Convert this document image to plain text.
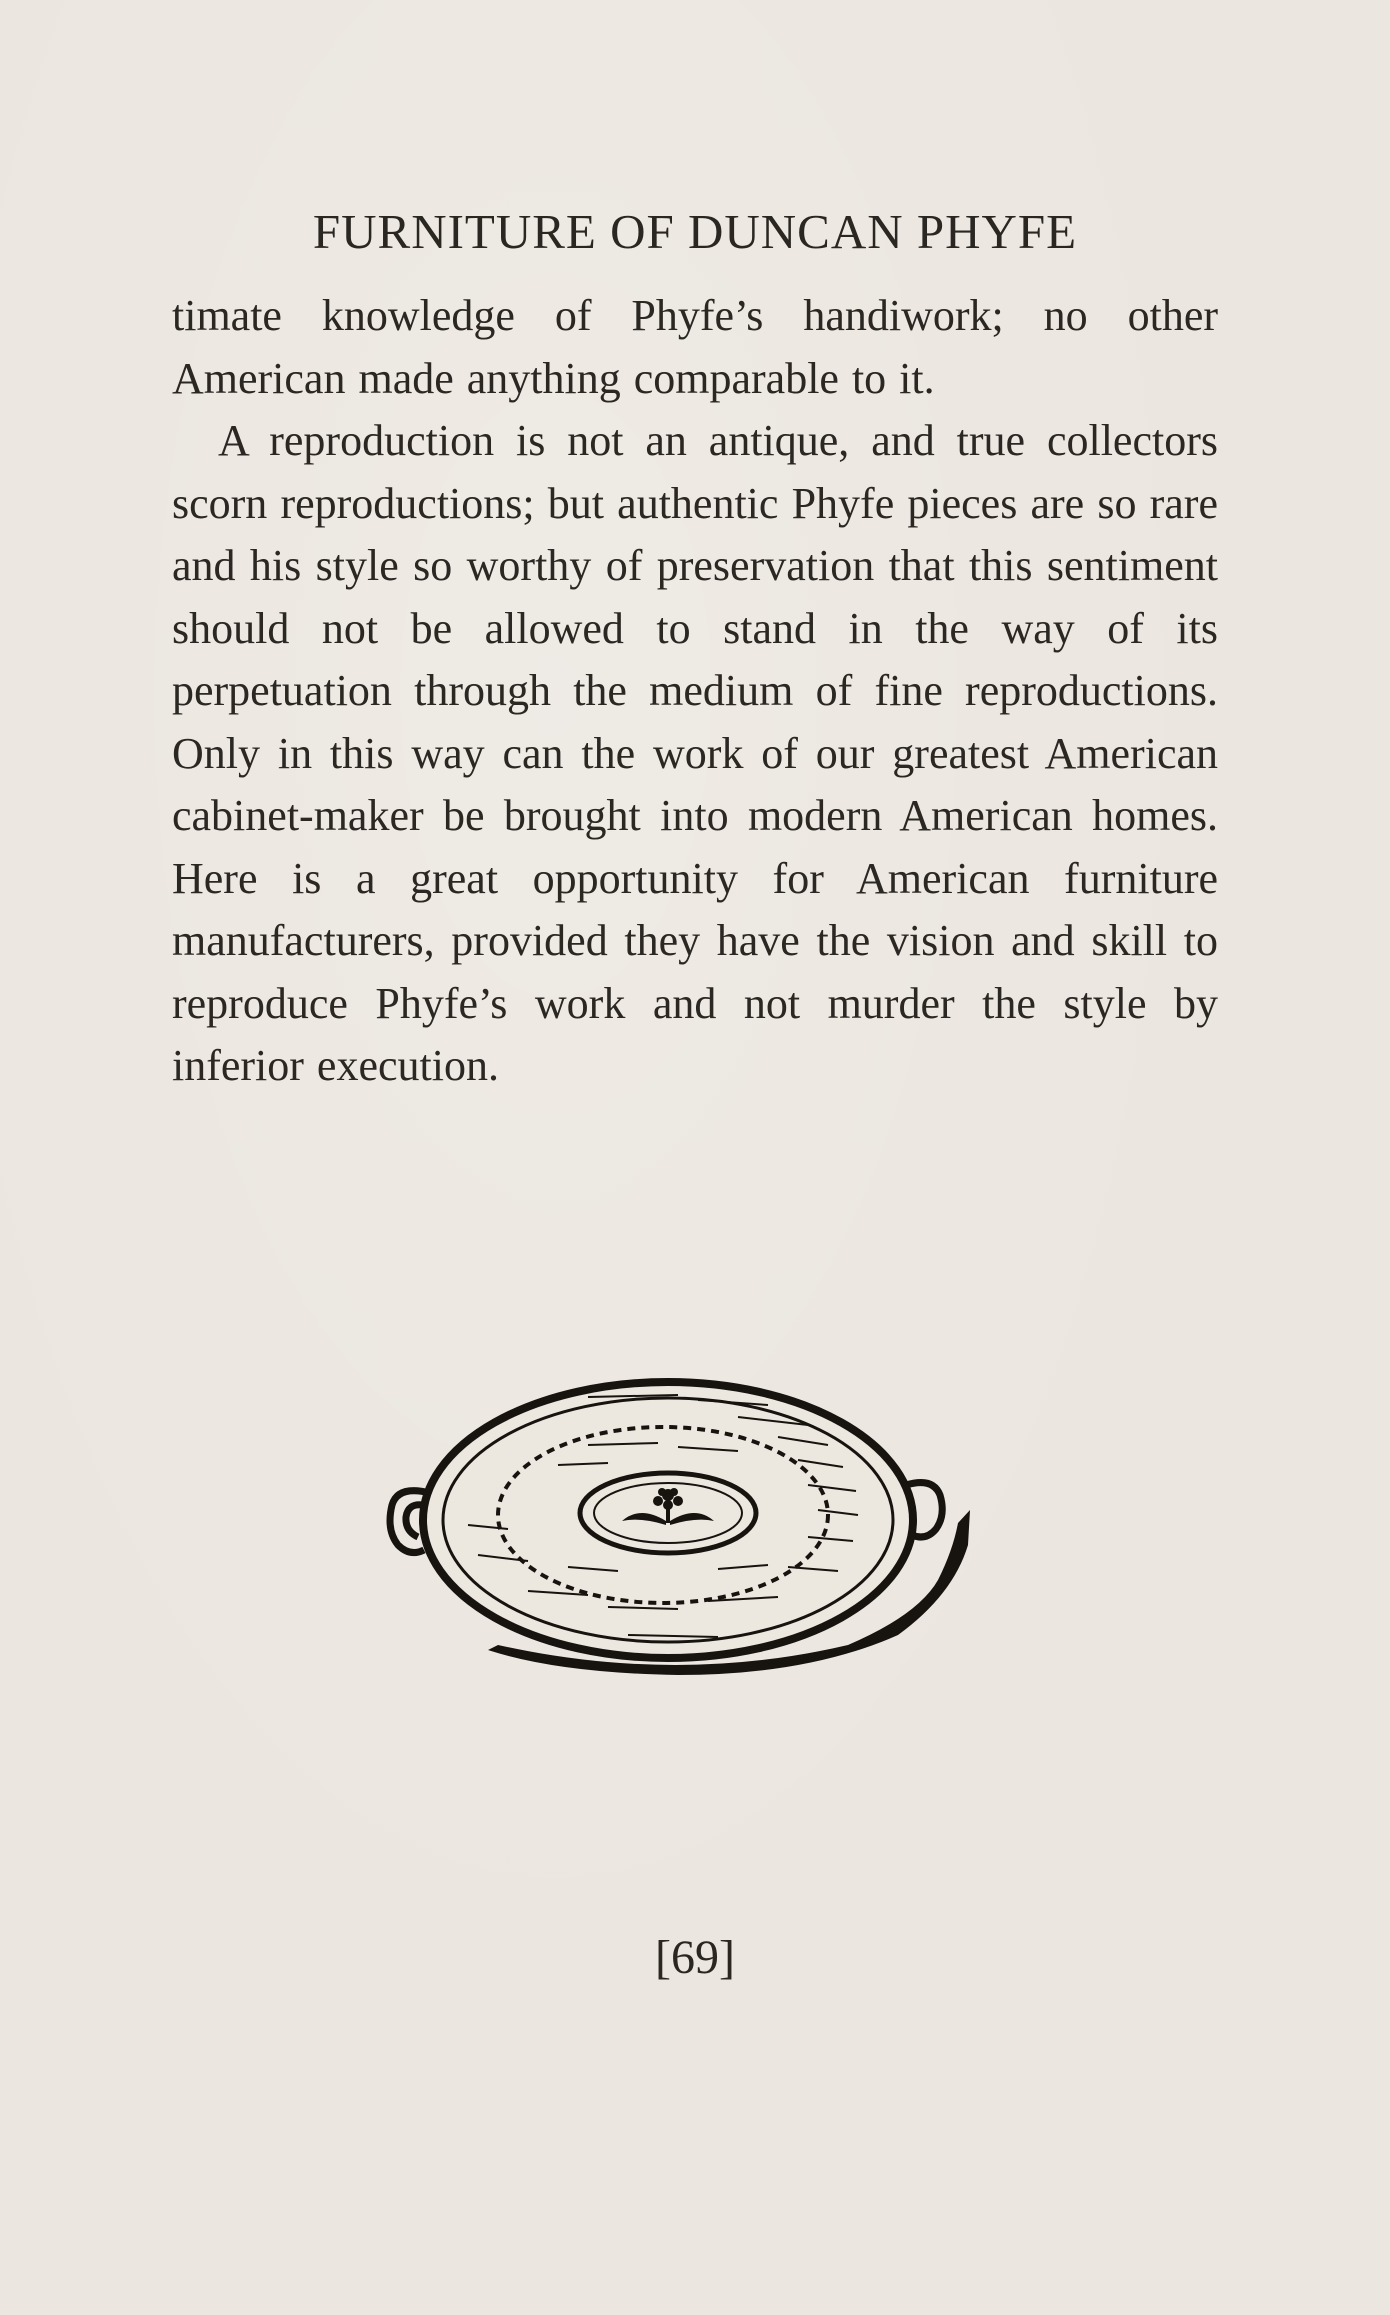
FURNITURE OF DUNCAN PHYFE

timate knowledge of Phyfe’s handiwork; no other American made anything comparable to it.

A reproduction is not an antique, and true collectors scorn reproductions; but authentic Phyfe pieces are so rare and his style so worthy of preservation that this sentiment should not be allowed to stand in the way of its perpetuation through the medium of fine reproductions. Only in this way can the work of our greatest American cabinet-maker be brought into modern American homes. Here is a great opportunity for American furniture manufacturers, provided they have the vision and skill to reproduce Phyfe’s work and not murder the style by inferior execution.

[69]
